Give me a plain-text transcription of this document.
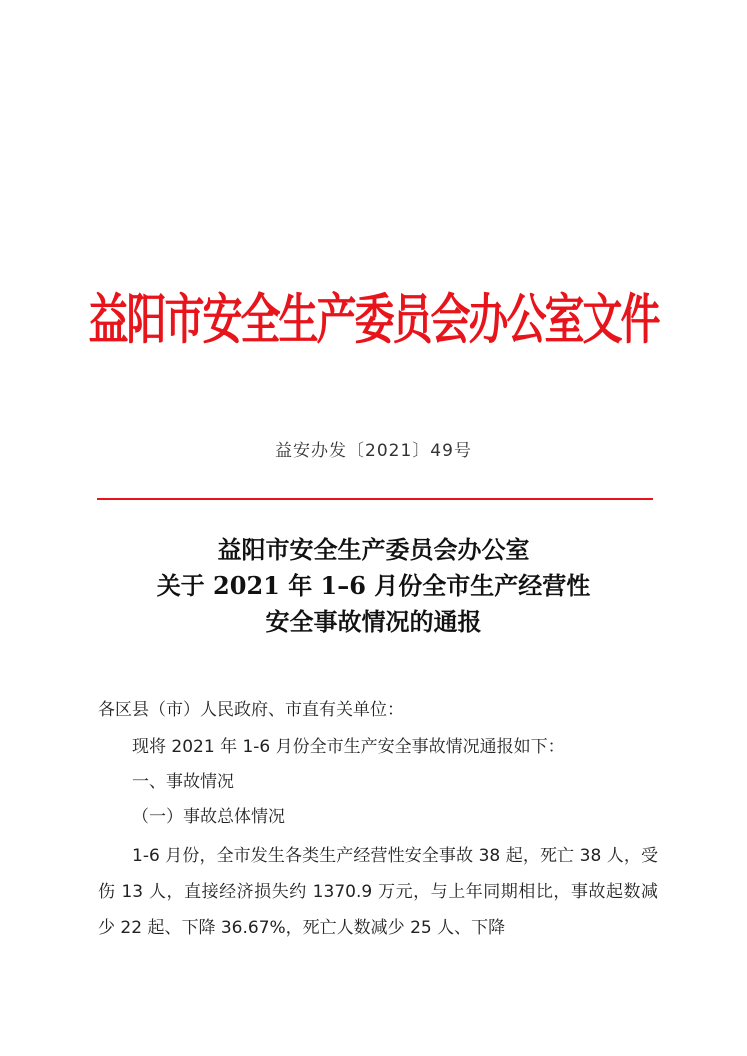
益阳市安全生产委员会办公室文件
益安办发〔2021〕49号
益阳市安全生产委员会办公室
关于 2021 年 1–6 月份全市生产经营性
安全事故情况的通报
各区县（市）人民政府、市直有关单位：
现将 2021 年 1-6 月份全市生产安全事故情况通报如下：
一、事故情况
（一）事故总体情况
1-6 月份，全市发生各类生产经营性安全事故 38 起，死亡 38 人，受伤 13 人，直接经济损失约 1370.9 万元，与上年同期相比，事故起数减少 22 起、下降 36.67%，死亡人数减少 25 人、下降
